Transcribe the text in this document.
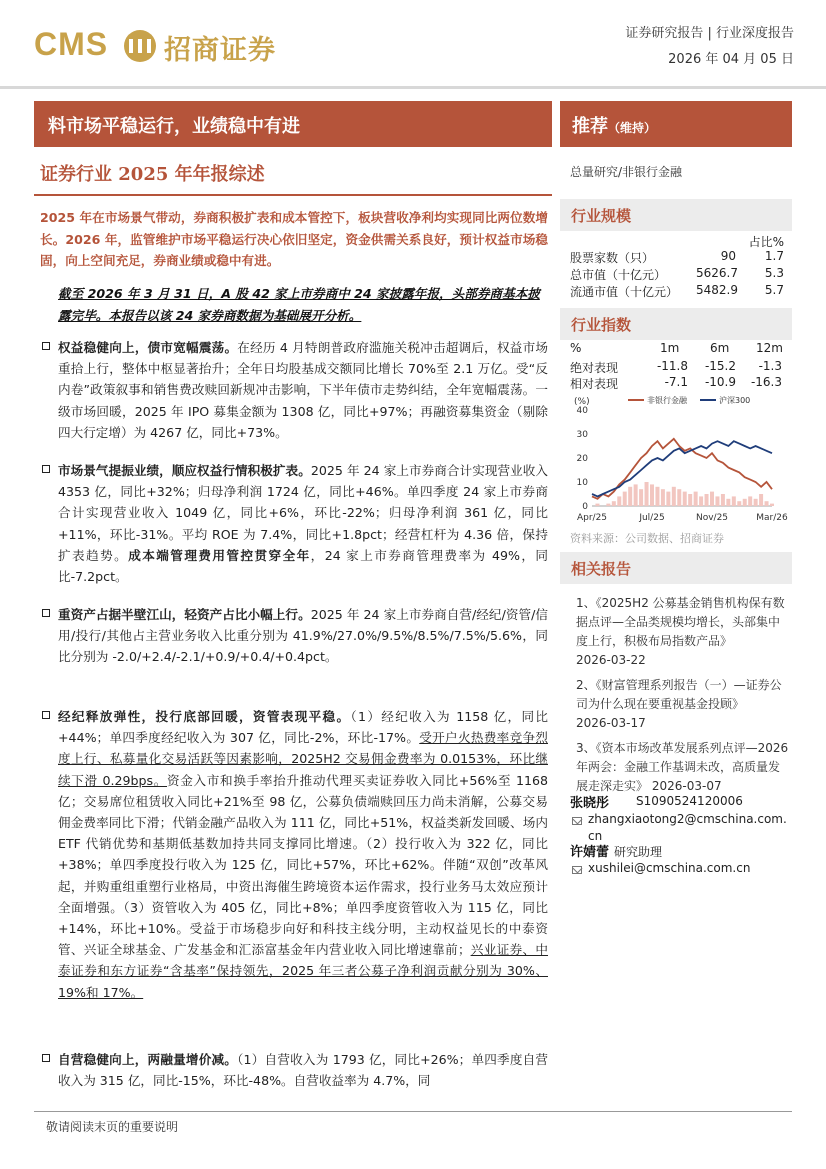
CMS 招商证券
证券研究报告 | 行业深度报告
2026 年 04 月 05 日
料市场平稳运行，业绩稳中有进
证券行业 2025 年年报综述
2025 年在市场景气带动，券商积极扩表和成本管控下，板块营收净利均实现同比两位数增长。2026 年，监管维护市场平稳运行决心依旧坚定，资金供需关系良好，预计权益市场稳固，向上空间充足，券商业绩或稳中有进。
截至 2026 年 3 月 31 日，A 股 42 家上市券商中 24 家披露年报，头部券商基本披露完毕。本报告以该 24 家券商数据为基础展开分析。
权益稳健向上，债市宽幅震荡。在经历 4 月特朗普政府滥施关税冲击超调后，权益市场重拾上行，整体中枢显著抬升；全年日均股基成交额同比增长 70%至 2.1 万亿。受“反内卷”政策叙事和销售费改赎回新规冲击影响，下半年债市走势纠结，全年宽幅震荡。一级市场回暖，2025 年 IPO 募集金额为 1308 亿，同比+97%；再融资募集资金（剔除四大行定增）为 4267 亿，同比+73%。
市场景气提振业绩，顺应权益行情积极扩表。2025 年 24 家上市券商合计实现营业收入 4353 亿，同比+32%；归母净利润 1724 亿，同比+46%。单四季度 24 家上市券商合计实现营业收入 1049 亿，同比+6%，环比-22%；归母净利润 361 亿，同比+11%，环比-31%。平均 ROE 为 7.4%，同比+1.8pct；经营杠杆为 4.36 倍，保持扩表趋势。成本端管理费用管控贯穿全年，24 家上市券商管理费率为 49%，同比-7.2pct。
重资产占据半壁江山，轻资产占比小幅上行。2025 年 24 家上市券商自营/经纪/资管/信用/投行/其他占主营业务收入比重分别为 41.9%/27.0%/9.5%/8.5%/7.5%/5.6%，同比分别为 -2.0/+2.4/-2.1/+0.9/+0.4/+0.4pct。
经纪释放弹性，投行底部回暖，资管表现平稳。（1）经纪收入为 1158 亿，同比+44%；单四季度经纪收入为 307 亿，同比-2%，环比-17%。受开户火热费率竞争烈度上行、私募量化交易活跃等因素影响，2025H2 交易佣金费率为 0.0153%，环比继续下滑 0.29bps。资金入市和换手率抬升推动代理买卖证券收入同比+56%至 1168 亿；交易席位租赁收入同比+21%至 98 亿，公募负债端赎回压力尚未消解，公募交易佣金费率同比下滑；代销金融产品收入为 111 亿，同比+51%，权益类新发回暖、场内 ETF 代销优势和基期低基数加持共同支撑同比增速。（2）投行收入为 322 亿，同比+38%；单四季度投行收入为 125 亿，同比+57%，环比+62%。伴随“双创”改革风起，并购重组重塑行业格局，中资出海催生跨境资本运作需求，投行业务马太效应预计全面增强。（3）资管收入为 405 亿，同比+8%；单四季度资管收入为 115 亿，同比+14%，环比+10%。受益于市场稳步向好和科技主线分明，主动权益见长的中泰资管、兴证全球基金、广发基金和汇添富基金年内营业收入同比增速靠前；兴业证券、中泰证券和东方证券“含基率”保持领先，2025 年三者公募子净利润贡献分别为 30%、19%和 17%。
自营稳健向上，两融量增价减。（1）自营收入为 1793 亿，同比+26%；单四季度自营收入为 315 亿，同比-15%，环比-48%。自营收益率为 4.7%，同
推荐（维持）
总量研究/非银行金融
行业规模
占比%
股票家数（只）	90 1.7
总市值（十亿元） 5626.7 5.3
流通市值（十亿元） 5482.9 5.7
行业指数
%	1m	6m 12m
绝对表现	-11.8	-15.2	-1.3
相对表现	-7.1	-10.9	-16.3
(%)	非银行金融	沪深300
0
10
20
30
40
Apr/25	Jul/25	Nov/25	Mar/26
资料来源：公司数据、招商证券
相关报告
1、《2025H2 公募基金销售机构保有数据点评—全品类规模均增长，头部集中度上行，积极布局指数产品》
2026-03-22
2、《财富管理系列报告（一）—证券公司为什么现在要重视基金投顾》
2026-03-17
3、《资本市场改革发展系列点评—2026 年两会：金融工作基调未改，高质量发展走深走实》 2026-03-07
张晓彤 S1090524120006
zhangxiaotong2@cmschina.com.cn
许婧蕾 研究助理
xushilei@cmschina.com.cn
敬请阅读末页的重要说明
